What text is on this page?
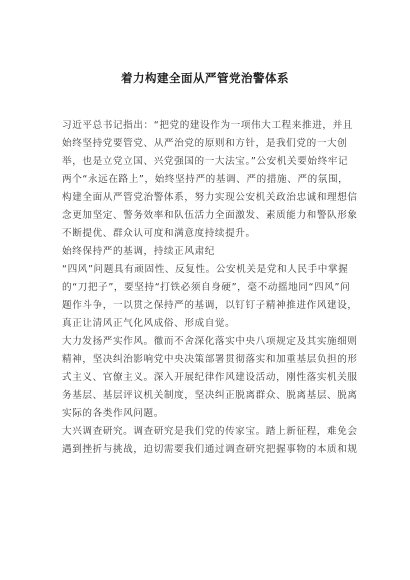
着力构建全面从严管党治警体系

习近平总书记指出：“把党的建设作为一项伟大工程来推进，并且始终坚持党要管党、从严治党的原则和方针，是我们党的一大创举，也是立党立国、兴党强国的一大法宝。”公安机关要始终牢记两个“永远在路上”，始终坚持严的基调、严的措施、严的氛围，构建全面从严管党治警体系，努力实现公安机关政治忠诚和理想信念更加坚定、警务效率和队伍活力全面激发、素质能力和警队形象不断提优、群众认可度和满意度持续提升。

始终保持严的基调，持续正风肃纪

“四风”问题具有顽固性、反复性。公安机关是党和人民手中掌握的“刀把子”，要坚持“打铁必须自身硬”，毫不动摇地同“四风”问题作斗争，一以贯之保持严的基调，以钉钉子精神推进作风建设，真正让清风正气化风成俗、形成自觉。

大力发扬严实作风。徹而不舍深化落实中央八项规定及其实施细则精神，坚决纠治影响党中央决策部署贯彻落实和加重基层负担的形式主义、官僚主义。深入开展纪律作风建设活动，刚性落实机关服务基层、基层评议机关制度，坚决纠正脱离群众、脱离基层、脱离实际的各类作风问题。

大兴调查研究。调查研究是我们党的传家宝。踏上新征程，难免会遇到挫折与挑战，迫切需要我们通过调查研究把握事物的本质和规
